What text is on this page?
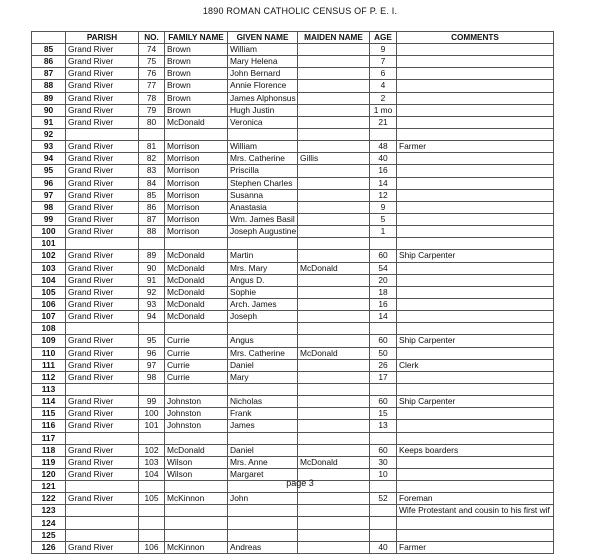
1890 ROMAN CATHOLIC CENSUS OF P. E. I.
	PARISH	NO.	FAMILY NAME	GIVEN NAME	MAIDEN NAME	AGE	COMMENTS
85	Grand River	74	Brown	William		9	
86	Grand River	75	Brown	Mary Helena		7	
87	Grand River	76	Brown	John Bernard		6	
88	Grand River	77	Brown	Annie Florence		4	
89	Grand River	78	Brown	James Alphonsus		2	
90	Grand River	79	Brown	Hugh Justin		1 mo	
91	Grand River	80	McDonald	Veronica		21	
92							
93	Grand River	81	Morrison	William		48	Farmer
94	Grand River	82	Morrison	Mrs. Catherine	Gillis	40	
95	Grand River	83	Morrison	Priscilla		16	
96	Grand River	84	Morrison	Stephen Charles		14	
97	Grand River	85	Morrison	Susanna		12	
98	Grand River	86	Morrison	Anastasia		9	
99	Grand River	87	Morrison	Wm. James Basil		5	
100	Grand River	88	Morrison	Joseph Augustine		1	
101							
102	Grand River	89	McDonald	Martin		60	Ship Carpenter
103	Grand River	90	McDonald	Mrs. Mary	McDonald	54	
104	Grand River	91	McDonald	Angus D.		20	
105	Grand River	92	McDonald	Sophie		18	
106	Grand River	93	McDonald	Arch. James		16	
107	Grand River	94	McDonald	Joseph		14	
108							
109	Grand River	95	Currie	Angus		60	Ship Carpenter
110	Grand River	96	Currie	Mrs. Catherine	McDonald	50	
111	Grand River	97	Currie	Daniel		26	Clerk
112	Grand River	98	Currie	Mary		17	
113							
114	Grand River	99	Johnston	Nicholas		60	Ship Carpenter
115	Grand River	100	Johnston	Frank		15	
116	Grand River	101	Johnston	James		13	
117							
118	Grand River	102	McDonald	Daniel		60	Keeps boarders
119	Grand River	103	Wilson	Mrs. Anne	McDonald	30	
120	Grand River	104	Wilson	Margaret		10	
121							
122	Grand River	105	McKinnon	John		52	Foreman
123							Wife Protestant and cousin to his first wif
124							
125							
126	Grand River	106	McKinnon	Andreas		40	Farmer
page 3
